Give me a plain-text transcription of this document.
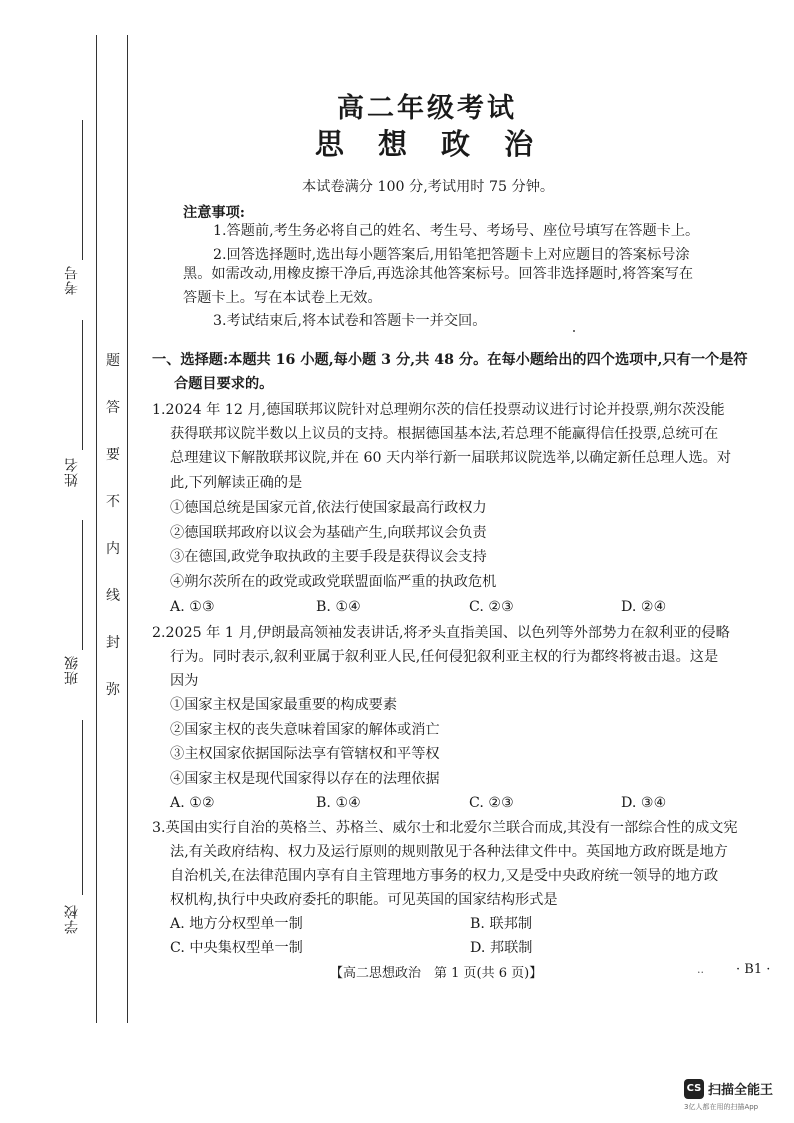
考号
姓名
班级
学校
题
答
要
不
内
线
封
弥
高二年级考试
思 想 政 治
本试卷满分 100 分,考试用时 75 分钟。
注意事项:
1.答题前,考生务必将自己的姓名、考生号、考场号、座位号填写在答题卡上。
2.回答选择题时,选出每小题答案后,用铅笔把答题卡上对应题目的答案标号涂
黑。如需改动,用橡皮擦干净后,再选涂其他答案标号。回答非选择题时,将答案写在
答题卡上。写在本试卷上无效。
3.考试结束后,将本试卷和答题卡一并交回。
一、选择题:本题共 16 小题,每小题 3 分,共 48 分。在每小题给出的四个选项中,只有一个是符
合题目要求的。
1.2024 年 12 月,德国联邦议院针对总理朔尔茨的信任投票动议进行讨论并投票,朔尔茨没能
获得联邦议院半数以上议员的支持。根据德国基本法,若总理不能赢得信任投票,总统可在
总理建议下解散联邦议院,并在 60 天内举行新一届联邦议院选举,以确定新任总理人选。对
此,下列解读正确的是
①德国总统是国家元首,依法行使国家最高行政权力
②德国联邦政府以议会为基础产生,向联邦议会负责
③在德国,政党争取执政的主要手段是获得议会支持
④朔尔茨所在的政党或政党联盟面临严重的执政危机
A. ①③	B. ①④	C. ②③	D. ②④
2.2025 年 1 月,伊朗最高领袖发表讲话,将矛头直指美国、以色列等外部势力在叙利亚的侵略
行为。同时表示,叙利亚属于叙利亚人民,任何侵犯叙利亚主权的行为都终将被击退。这是
因为
①国家主权是国家最重要的构成要素
②国家主权的丧失意味着国家的解体或消亡
③主权国家依据国际法享有管辖权和平等权
④国家主权是现代国家得以存在的法理依据
A. ①②	B. ①④	C. ②③	D. ③④
3.英国由实行自治的英格兰、苏格兰、威尔士和北爱尔兰联合而成,其没有一部综合性的成文宪
法,有关政府结构、权力及运行原则的规则散见于各种法律文件中。英国地方政府既是地方
自治机关,在法律范围内享有自主管理地方事务的权力,又是受中央政府统一领导的地方政
权机构,执行中央政府委托的职能。可见英国的国家结构形式是
A. 地方分权型单一制	B. 联邦制
C. 中央集权型单一制	D. 邦联制
【高二思想政治　第 1 页(共 6 页)】	.. · B1 ·
CS 扫描全能王
3亿人都在用的扫描App
